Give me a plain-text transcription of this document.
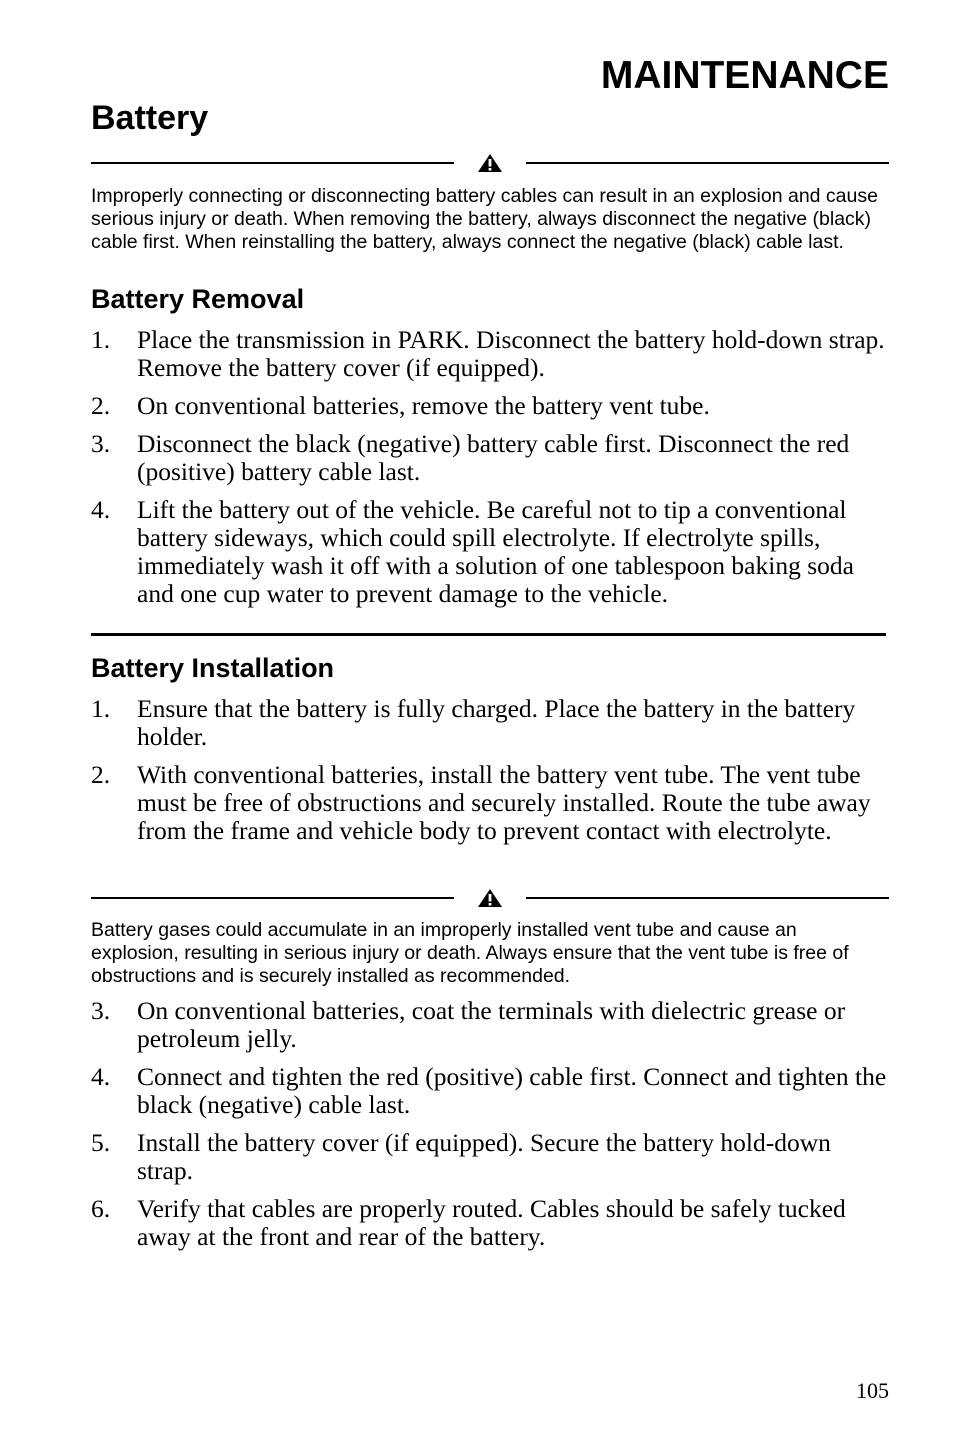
MAINTENANCE
Battery

Improperly connecting or disconnecting battery cables can result in an explosion and cause serious injury or death. When removing the battery, always disconnect the negative (black) cable first. When reinstalling the battery, always connect the negative (black) cable last.

Battery Removal
1. Place the transmission in PARK. Disconnect the battery hold-down strap. Remove the battery cover (if equipped).
2. On conventional batteries, remove the battery vent tube.
3. Disconnect the black (negative) battery cable first. Disconnect the red (positive) battery cable last.
4. Lift the battery out of the vehicle. Be careful not to tip a conventional battery sideways, which could spill electrolyte. If electrolyte spills, immediately wash it off with a solution of one tablespoon baking soda and one cup water to prevent damage to the vehicle.
Battery Installation
1. Ensure that the battery is fully charged. Place the battery in the battery holder.
2. With conventional batteries, install the battery vent tube. The vent tube must be free of obstructions and securely installed. Route the tube away from the frame and vehicle body to prevent contact with electrolyte.

Battery gases could accumulate in an improperly installed vent tube and cause an explosion, resulting in serious injury or death. Always ensure that the vent tube is free of obstructions and is securely installed as recommended.

3. On conventional batteries, coat the terminals with dielectric grease or petroleum jelly.
4. Connect and tighten the red (positive) cable first. Connect and tighten the black (negative) cable last.
5. Install the battery cover (if equipped). Secure the battery hold-down strap.
6. Verify that cables are properly routed. Cables should be safely tucked away at the front and rear of the battery.
105
